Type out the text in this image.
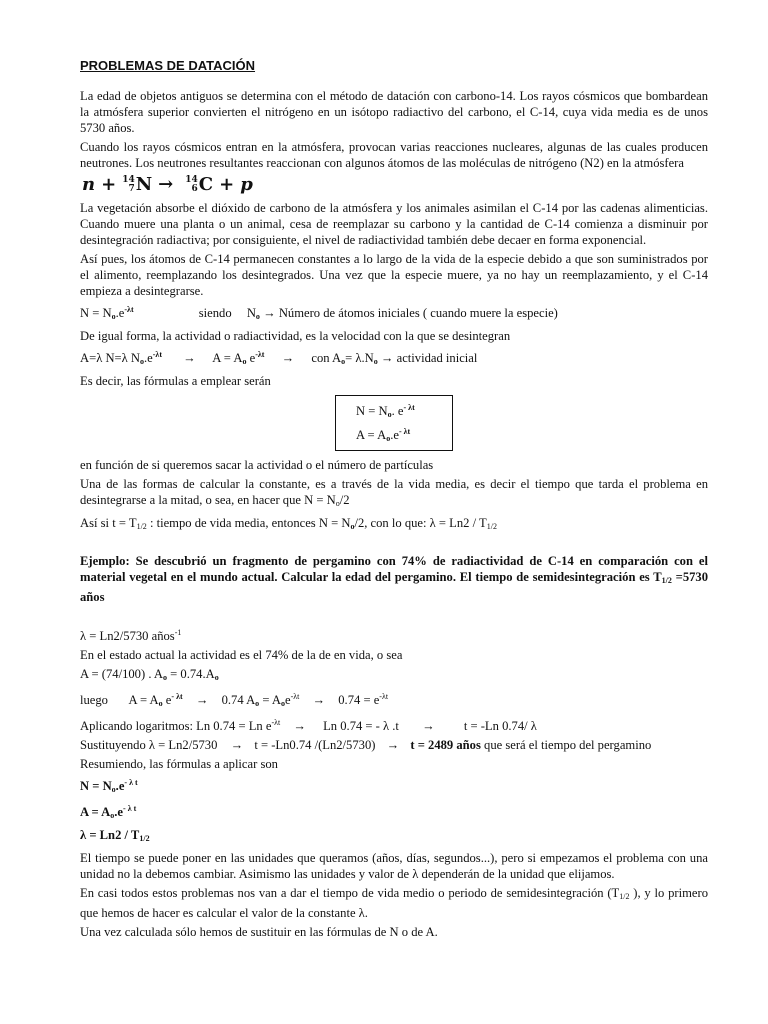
PROBLEMAS DE DATACIÓN

La edad de objetos antiguos se determina con el método de datación con carbono-14. Los rayos cósmicos que bombardean la atmósfera superior convierten el nitrógeno en un isótopo radiactivo del carbono, el C-14, cuya vida media es de unos 5730 años.

Cuando los rayos cósmicos entran en la atmósfera, provocan varias reacciones nucleares, algunas de las cuales producen neutrones. Los neutrones resultantes reaccionan con algunos átomos de las moléculas de nitrógeno (N2) en la atmósfera

n + 14
7 N → 14
6 C + p

La vegetación absorbe el dióxido de carbono de la atmósfera y los animales asimilan el C-14 por las cadenas alimenticias. Cuando muere una planta o un animal, cesa de reemplazar su carbono y la cantidad de C-14 comienza a disminuir por desintegración radiactiva; por consiguiente, el nivel de radiactividad también debe decaer en forma exponencial.

Así pues, los átomos de C-14 permanecen constantes a lo largo de la vida de la especie debido a que son suministrados por el alimento, reemplazando los desintegrados. Una vez que la especie muere, ya no hay un reemplazamiento, y el C-14 empieza a desintegrarse.

$N = N_o.e^{-\lambda t}$	siendo $N_o$ → Número de átomos iniciales ( cuando muere la especie)

De igual forma, la actividad o radiactividad, es la velocidad con la que se desintegran

A=λ N=λ $N_o.e^{-\lambda t} \to A = A_o$ $e^{-\lambda t}$ → con $A_o= \lambda.N_o$ → actividad inicial

Es decir, las fórmulas a emplear serán

$N = N_o$. $e^{- \lambda t}$
$A = A_o.e^{- \lambda t}$

en función de si queremos sacar la actividad o el número de partículas

Una de las formas de calcular la constante, es a través de la vida media, es decir el tiempo que tarda el problema en desintegrarse a la mitad, o sea, en hacer que $N = N_o/2$

Así si $t = T_{1/2}$ : tiempo de vida media, entonces $N = N_o/2$, con lo que: $\lambda = Ln2 / T_{1/2}$

Ejemplo: Se descubrió un fragmento de pergamino con 74% de radiactividad de C-14 en comparación con el material vegetal en el mundo actual. Calcular la edad del pergamino. El tiempo de semidesintegración es $T_{1/2} =5730$ años

λ = Ln2/5730 años$^{-1}$

En el estado actual la actividad es el 74% de la de en vida, o sea

A = (74/100) . $A_o = 0.74.A_o$
luego $A = A_o$ $e^{- \lambda t} \to 0.74$ $A_o = A_oe^{-\lambda t} \to 0.74 = e^{-\lambda t}$
Aplicando logaritmos: Ln 0.74 = Ln $e^{-\lambda t} \to Ln$ 0.74 = - λ .t → t = -Ln 0.74/ λ
Sustituyendo λ = Ln2/5730 → t = -Ln0.74 /(Ln2/5730) → t = 2489 años que será el tiempo del pergamino

Resumiendo, las fórmulas a aplicar son

$N = N_o.e^{- \lambda t}$
$A = A_o.e^{- \lambda t}$
$\lambda = Ln2 / T_{1/2}$

El tiempo se puede poner en las unidades que queramos (años, días, segundos...), pero si empezamos el problema con una unidad no la debemos cambiar. Asimismo las unidades y valor de λ dependerán de la unidad que elijamos.

En casi todos estos problemas nos van a dar el tiempo de vida medio o periodo de semidesintegración ($T_{1/2}$ ), y lo primero que hemos de hacer es calcular el valor de la constante λ.

Una vez calculada sólo hemos de sustituir en las fórmulas de N o de A.
